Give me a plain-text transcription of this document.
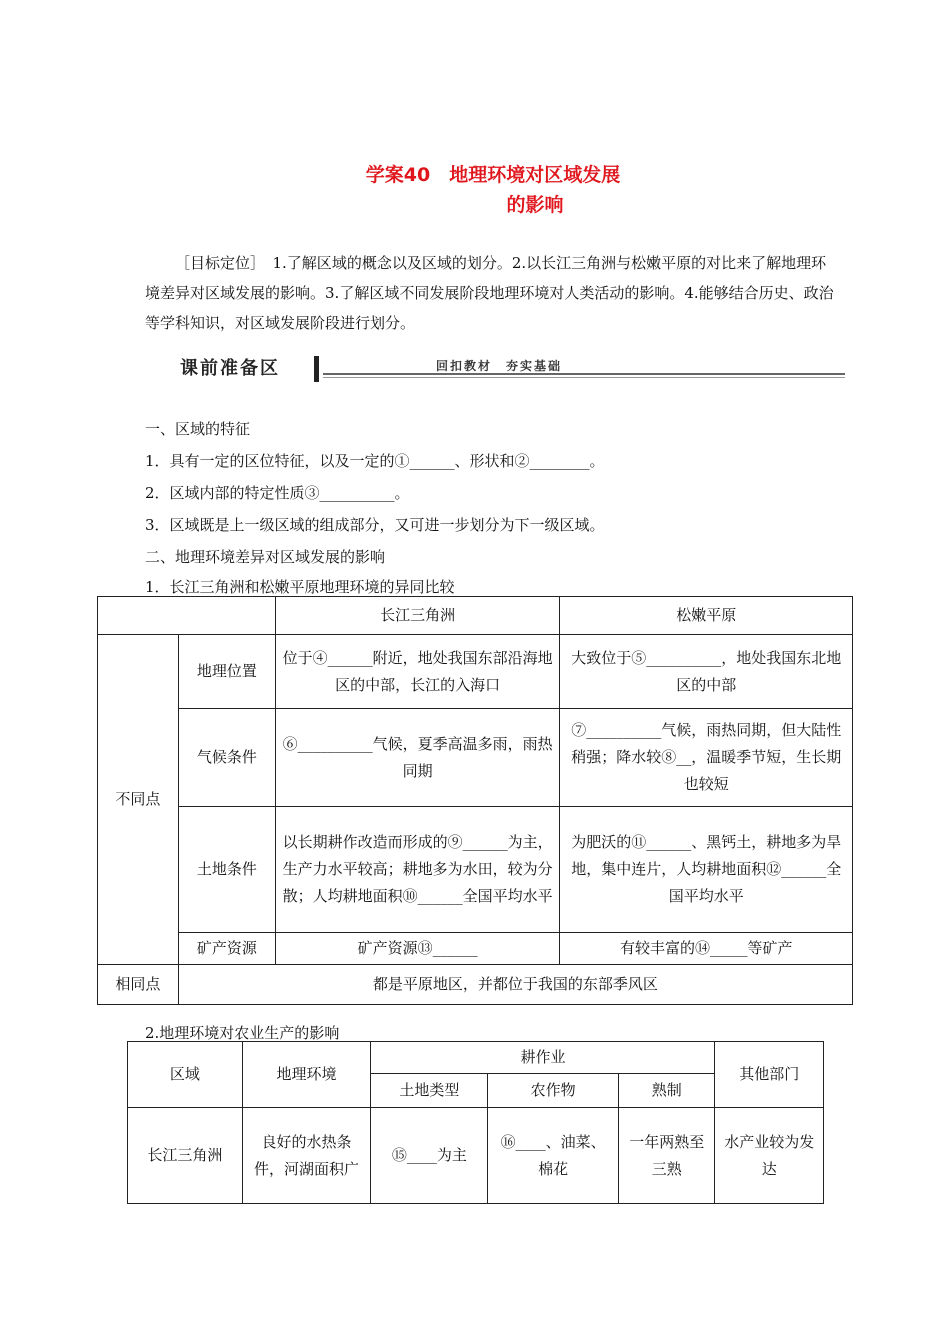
学案40　地理环境对区域发展
的影响
［目标定位］　1.了解区域的概念以及区域的划分。2.以长江三角洲与松嫩平原的对比来了解地理环境差异对区域发展的影响。3.了解区域不同发展阶段地理环境对人类活动的影响。4.能够结合历史、政治等学科知识，对区域发展阶段进行划分。
课前准备区	回扣教材　夯实基础
一、区域的特征
1．具有一定的区位特征，以及一定的①______、形状和②________。
2．区域内部的特定性质③__________。
3．区域既是上一级区域的组成部分，又可进一步划分为下一级区域。
二、地理环境差异对区域发展的影响
1．长江三角洲和松嫩平原地理环境的异同比较
		长江三角洲	松嫩平原
不同点	地理位置	位于④______附近，地处我国东部沿海地区的中部，长江的入海口	大致位于⑤__________，地处我国东北地区的中部
	气候条件	⑥__________气候，夏季高温多雨，雨热同期	⑦__________气候，雨热同期，但大陆性稍强；降水较⑧__，温暖季节短，生长期也较短
	土地条件	以长期耕作改造而形成的⑨______为主，生产力水平较高；耕地多为水田，较为分散；人均耕地面积⑩______全国平均水平	为肥沃的⑪______、黑钙土，耕地多为旱地，集中连片，人均耕地面积⑫______全国平均水平
	矿产资源	矿产资源⑬______	有较丰富的⑭_____等矿产
相同点	都是平原地区，并都位于我国的东部季风区		
2.地理环境对农业生产的影响
区域	地理环境	耕作业			其他部门
		土地类型	农作物	熟制	
长江三角洲	良好的水热条件，河湖面积广	⑮____为主	⑯____、油菜、棉花	一年两熟至三熟	水产业较为发达
